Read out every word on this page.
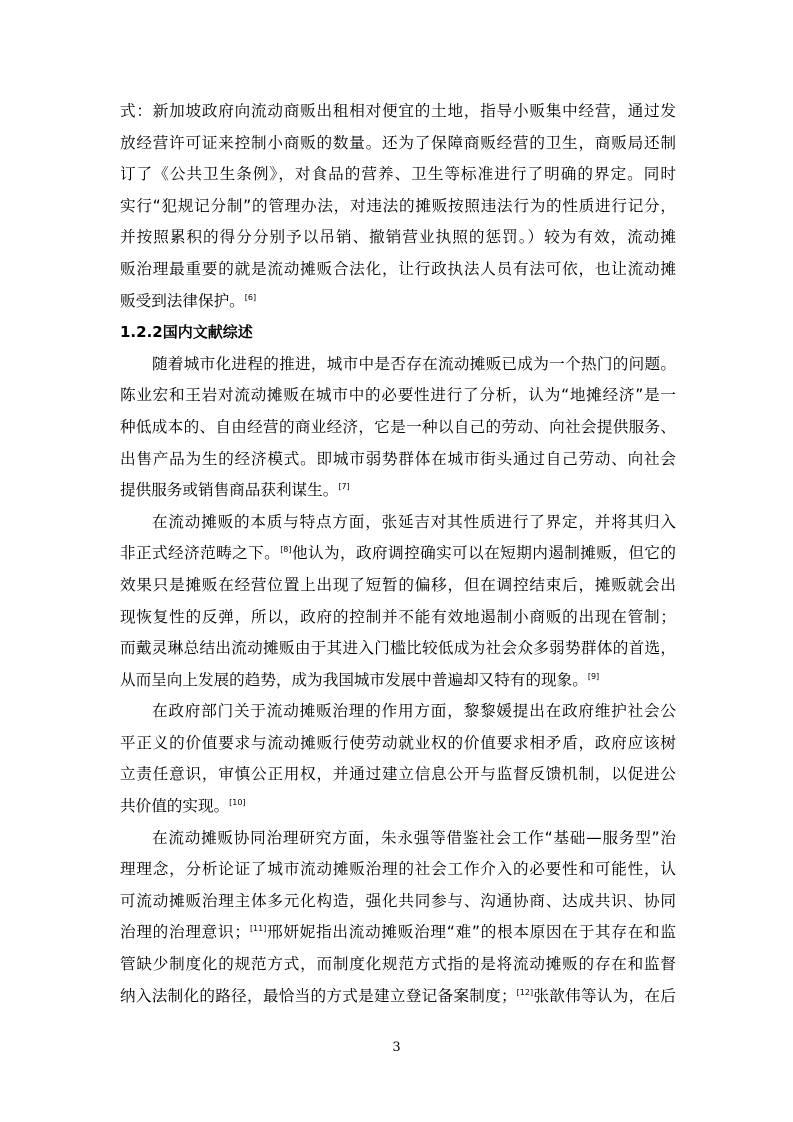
式：新加坡政府向流动商贩出租相对便宜的土地，指导小贩集中经营，通过发
放经营许可证来控制小商贩的数量。还为了保障商贩经营的卫生，商贩局还制
订了《公共卫生条例》，对食品的营养、卫生等标准进行了明确的界定。同时
实行“犯规记分制”的管理办法，对违法的摊贩按照违法行为的性质进行记分，
并按照累积的得分分别予以吊销、撤销营业执照的惩罚。）较为有效，流动摊
贩治理最重要的就是流动摊贩合法化，让行政执法人员有法可依，也让流动摊
贩受到法律保护。[6]
1.2.2国内文献综述
随着城市化进程的推进，城市中是否存在流动摊贩已成为一个热门的问题。
陈业宏和王岩对流动摊贩在城市中的必要性进行了分析，认为“地摊经济”是一
种低成本的、自由经营的商业经济，它是一种以自己的劳动、向社会提供服务、
出售产品为生的经济模式。即城市弱势群体在城市街头通过自己劳动、向社会
提供服务或销售商品获利谋生。[7]
在流动摊贩的本质与特点方面，张延吉对其性质进行了界定，并将其归入
非正式经济范畴之下。[8]他认为，政府调控确实可以在短期内遏制摊贩，但它的
效果只是摊贩在经营位置上出现了短暂的偏移，但在调控结束后，摊贩就会出
现恢复性的反弹，所以，政府的控制并不能有效地遏制小商贩的出现在管制；
而戴灵琳总结出流动摊贩由于其进入门槛比较低成为社会众多弱势群体的首选，
从而呈向上发展的趋势，成为我国城市发展中普遍却又特有的现象。[9]
在政府部门关于流动摊贩治理的作用方面，黎黎媛提出在政府维护社会公
平正义的价值要求与流动摊贩行使劳动就业权的价值要求相矛盾，政府应该树
立责任意识，审慎公正用权，并通过建立信息公开与监督反馈机制，以促进公
共价值的实现。[10]
在流动摊贩协同治理研究方面，朱永强等借鉴社会工作“基础—服务型”治
理理念，分析论证了城市流动摊贩治理的社会工作介入的必要性和可能性，认
可流动摊贩治理主体多元化构造，强化共同参与、沟通协商、达成共识、协同
治理的治理意识；[11]邢妍妮指出流动摊贩治理“难”的根本原因在于其存在和监
管缺少制度化的规范方式，而制度化规范方式指的是将流动摊贩的存在和监督
纳入法制化的路径，最恰当的方式是建立登记备案制度；[12]张歆伟等认为，在后
3
